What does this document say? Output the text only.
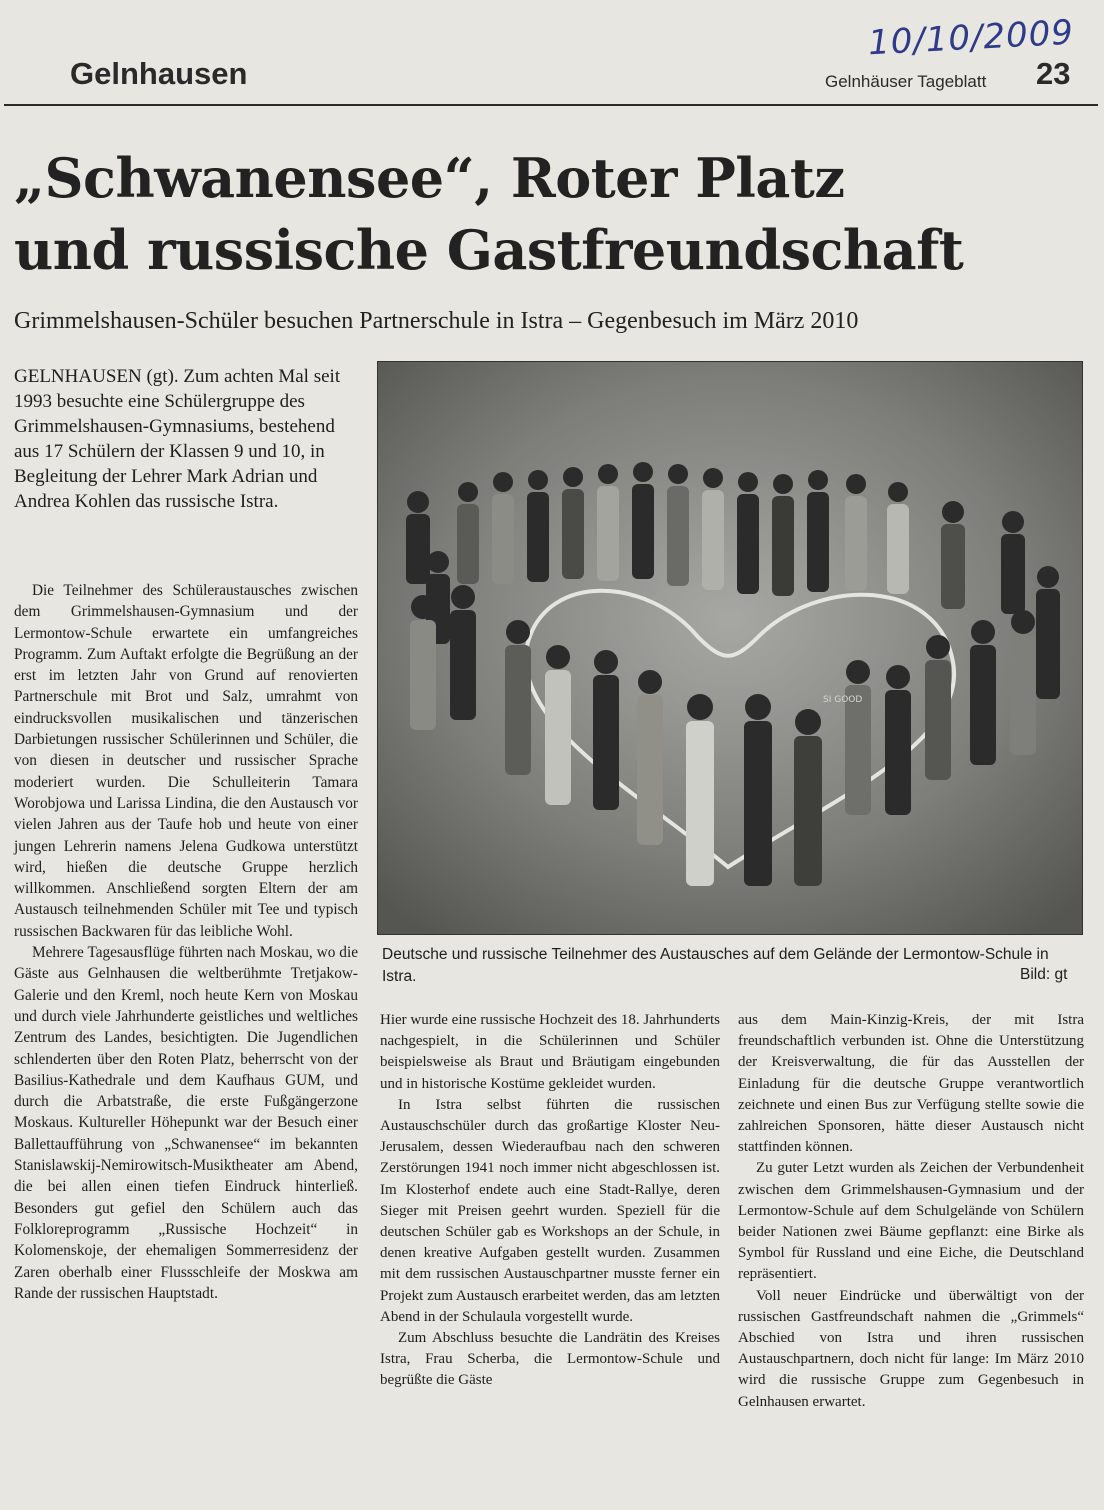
10/10/2009
Gelnhausen	Gelnhäuser Tageblatt 23
„Schwanensee“, Roter Platz
und russische Gastfreundschaft
Grimmelshausen-Schüler besuchen Partnerschule in Istra – Gegenbesuch im März 2010
GELNHAUSEN (gt). Zum achten Mal seit 1993 besuchte eine Schülergruppe des Grimmelshausen-Gymnasiums, bestehend aus 17 Schülern der Klassen 9 und 10, in Begleitung der Lehrer Mark Adrian und Andrea Kohlen das russische Istra.

Die Teilnehmer des Schüleraustausches zwischen dem Grimmelshausen-Gymnasium und der Lermontow-Schule erwartete ein umfangreiches Programm. Zum Auftakt erfolgte die Begrüßung an der erst im letzten Jahr von Grund auf renovierten Partnerschule mit Brot und Salz, umrahmt von eindrucksvollen musikalischen und tänzerischen Darbietungen russischer Schülerinnen und Schüler, die von diesen in deutscher und russischer Sprache moderiert wurden. Die Schulleiterin Tamara Worobjowa und Larissa Lindina, die den Austausch vor vielen Jahren aus der Taufe hob und heute von einer jungen Lehrerin namens Jelena Gudkowa unterstützt wird, hießen die deutsche Gruppe herzlich willkommen. Anschließend sorgten Eltern der am Austausch teilnehmenden Schüler mit Tee und typisch russischen Backwaren für das leibliche Wohl.

Mehrere Tagesausflüge führten nach Moskau, wo die Gäste aus Gelnhausen die weltberühmte Tretjakow-Galerie und den Kreml, noch heute Kern von Moskau und durch viele Jahrhunderte geistliches und weltliches Zentrum des Landes, besichtigten. Die Jugendlichen schlenderten über den Roten Platz, beherrscht von der Basilius-Kathedrale und dem Kaufhaus GUM, und durch die Arbatstraße, die erste Fußgängerzone Moskaus. Kultureller Höhepunkt war der Besuch einer Ballettaufführung von „Schwanensee“ im bekannten Stanislawskij-Nemirowitsch-Musiktheater am Abend, die bei allen einen tiefen Eindruck hinterließ. Besonders gut gefiel den Schülern auch das Folkloreprogramm „Russische Hochzeit“ in Kolomenskoje, der ehemaligen Sommerresidenz der Zaren oberhalb einer Flussschleife der Moskwa am Rande der russischen Hauptstadt.

SI GOOD
Deutsche und russische Teilnehmer des Austausches auf dem Gelände der Lermontow-Schule in Istra.	Bild: gt

Hier wurde eine russische Hochzeit des 18. Jahrhunderts nachgespielt, in die Schülerinnen und Schüler beispielsweise als Braut und Bräutigam eingebunden und in historische Kostüme gekleidet wurden.

In Istra selbst führten die russischen Austauschschüler durch das großartige Kloster Neu-Jerusalem, dessen Wiederaufbau nach den schweren Zerstörungen 1941 noch immer nicht abgeschlossen ist. Im Klosterhof endete auch eine Stadt-Rallye, deren Sieger mit Preisen geehrt wurden. Speziell für die deutschen Schüler gab es Workshops an der Schule, in denen kreative Aufgaben gestellt wurden. Zusammen mit dem russischen Austauschpartner musste ferner ein Projekt zum Austausch erarbeitet werden, das am letzten Abend in der Schulaula vorgestellt wurde.

Zum Abschluss besuchte die Landrätin des Kreises Istra, Frau Scherba, die Lermontow-Schule und begrüßte die Gäste

aus dem Main-Kinzig-Kreis, der mit Istra freundschaftlich verbunden ist. Ohne die Unterstützung der Kreisverwaltung, die für das Ausstellen der Einladung für die deutsche Gruppe verantwortlich zeichnete und einen Bus zur Verfügung stellte sowie die zahlreichen Sponsoren, hätte dieser Austausch nicht stattfinden können.

Zu guter Letzt wurden als Zeichen der Verbundenheit zwischen dem Grimmelshausen-Gymnasium und der Lermontow-Schule auf dem Schulgelände von Schülern beider Nationen zwei Bäume gepflanzt: eine Birke als Symbol für Russland und eine Eiche, die Deutschland repräsentiert.

Voll neuer Eindrücke und überwältigt von der russischen Gastfreundschaft nahmen die „Grimmels“ Abschied von Istra und ihren russischen Austauschpartnern, doch nicht für lange: Im März 2010 wird die russische Gruppe zum Gegenbesuch in Gelnhausen erwartet.
